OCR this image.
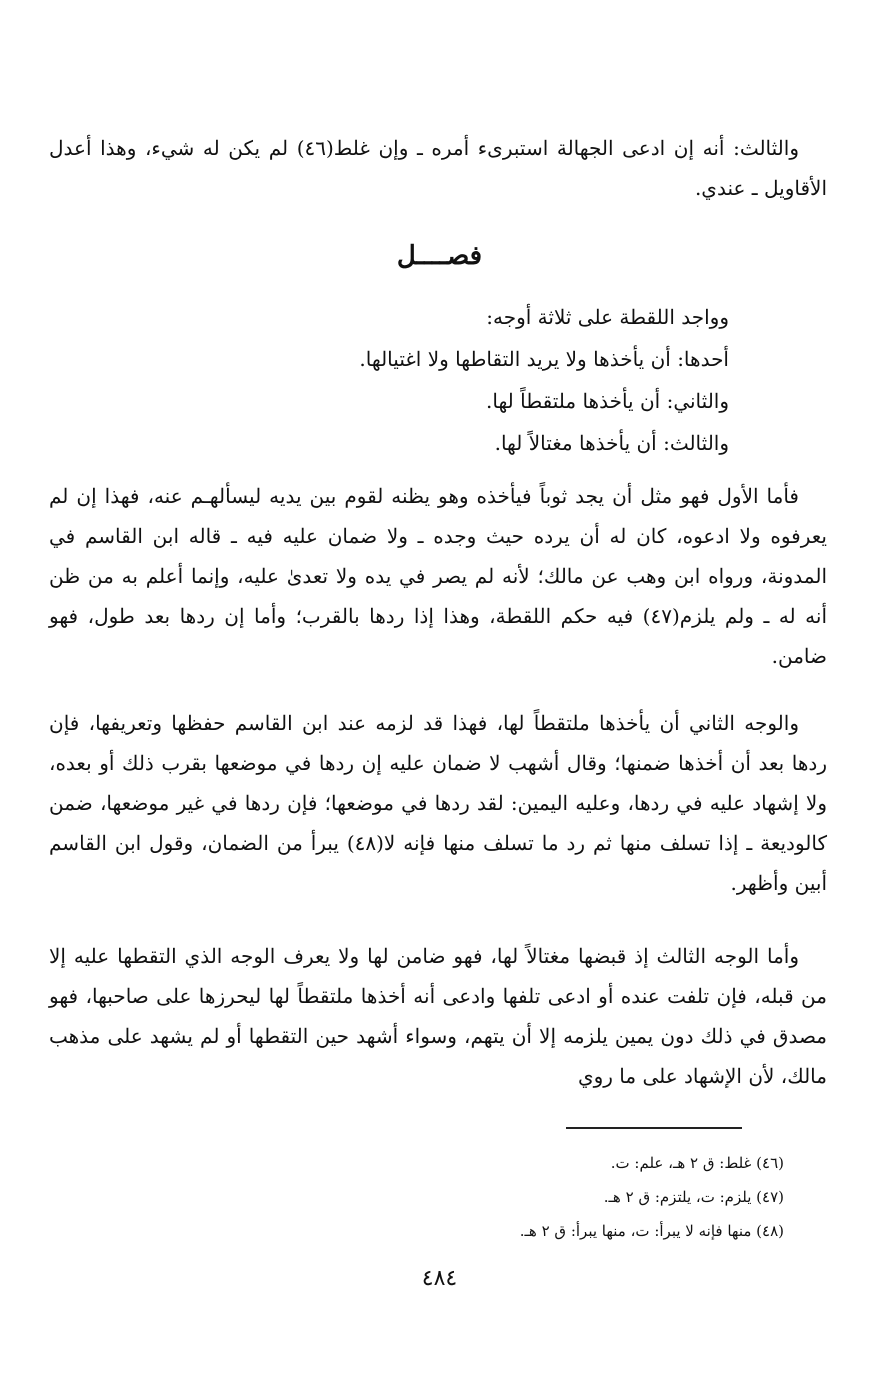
والثالث: أنه إن ادعى الجهالة استبرىء أمره ـ وإن غلط(٤٦) لم يكن له شيء، وهذا أعدل الأقاويل ـ عندي.

فصــــل
وواجد اللقطة على ثلاثة أوجه:
أحدها: أن يأخذها ولا يريد التقاطها ولا اغتيالها.
والثاني: أن يأخذها ملتقطاً لها.
والثالث: أن يأخذها مغتالاً لها.

فأما الأول فهو مثل أن يجد ثوباً فيأخذه وهو يظنه لقوم بين يديه ليسألهـم عنه، فهذا إن لم يعرفوه ولا ادعوه، كان له أن يرده حيث وجده ـ ولا ضمان عليه فيه ـ قاله ابن القاسم في المدونة، ورواه ابن وهب عن مالك؛ لأنه لم يصر في يده ولا تعدىٰ عليه، وإنما أعلم به من ظن أنه له ـ ولم يلزم(٤٧) فيه حكم اللقطة، وهذا إذا ردها بالقرب؛ وأما إن ردها بعد طول، فهو ضامن.

والوجه الثاني أن يأخذها ملتقطاً لها، فهذا قد لزمه عند ابن القاسم حفظها وتعريفها، فإن ردها بعد أن أخذها ضمنها؛ وقال أشهب لا ضمان عليه إن ردها في موضعها بقرب ذلك أو بعده، ولا إشهاد عليه في ردها، وعليه اليمين: لقد ردها في موضعها؛ فإن ردها في غير موضعها، ضمن كالوديعة ـ إذا تسلف منها ثم رد ما تسلف منها فإنه لا(٤٨) يبرأ من الضمان، وقول ابن القاسم أبين وأظهر.

وأما الوجه الثالث إذ قبضها مغتالاً لها، فهو ضامن لها ولا يعرف الوجه الذي التقطها عليه إلا من قبله، فإن تلفت عنده أو ادعى تلفها وادعى أنه أخذها ملتقطاً لها ليحرزها على صاحبها، فهو مصدق في ذلك دون يمين يلزمه إلا أن يتهم، وسواء أشهد حين التقطها أو لم يشهد على مذهب مالك، لأن الإشهاد على ما روي

(٤٦) غلط: ق ٢ هـ، علم: ت.
(٤٧) يلزم: ت، يلتزم: ق ٢ هـ.
(٤٨) منها فإنه لا يبرأ: ت، منها يبرأ: ق ٢ هـ.
٤٨٤
